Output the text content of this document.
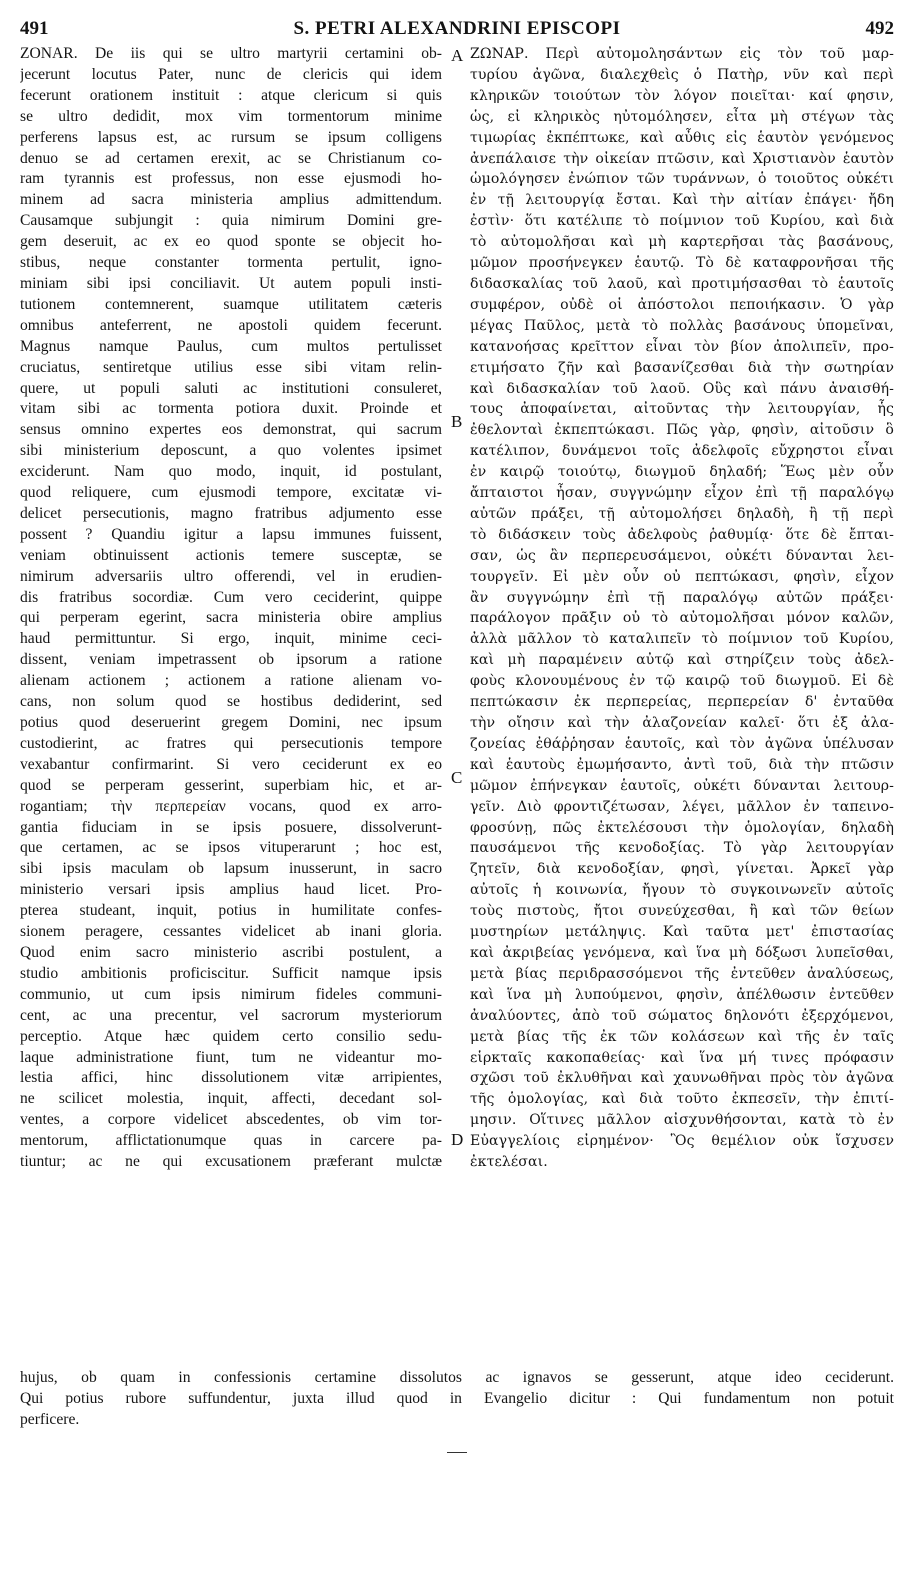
491	S. PETRI ALEXANDRINI EPISCOPI	492
ZONAR. De iis qui se ultro martyrii certamini ob-
jecerunt locutus Pater, nunc de clericis qui idem
fecerunt orationem instituit : atque clericum si quis
se ultro dedidit, mox vim tormentorum minime
perferens lapsus est, ac rursum se ipsum colligens
denuo se ad certamen erexit, ac se Christianum co-
ram tyrannis est professus, non esse ejusmodi ho-
minem ad sacra ministeria amplius admittendum.
Causamque subjungit : quia nimirum Domini gre-
gem deseruit, ac ex eo quod sponte se objecit ho-
stibus, neque constanter tormenta pertulit, igno-
miniam sibi ipsi conciliavit. Ut autem populi insti-
tutionem contemnerent, suamque utilitatem cæteris
omnibus anteferrent, ne apostoli quidem fecerunt.
Magnus namque Paulus, cum multos pertulisset
cruciatus, sentiretque utilius esse sibi vitam relin-
quere, ut populi saluti ac institutioni consuleret,
vitam sibi ac tormenta potiora duxit. Proinde et
sensus omnino expertes eos demonstrat, qui sacrum
sibi ministerium deposcunt, a quo volentes ipsimet
exciderunt. Nam quo modo, inquit, id postulant,
quod reliquere, cum ejusmodi tempore, excitatæ vi-
delicet persecutionis, magno fratribus adjumento esse
possent ? Quandiu igitur a lapsu immunes fuissent,
veniam obtinuissent actionis temere susceptæ, se
nimirum adversariis ultro offerendi, vel in erudien-
dis fratribus socordiæ. Cum vero ceciderint, quippe
qui perperam egerint, sacra ministeria obire amplius
haud permittuntur. Si ergo, inquit, minime ceci-
dissent, veniam impetrassent ob ipsorum a ratione
alienam actionem ; actionem a ratione alienam vo-
cans, non solum quod se hostibus dediderint, sed
potius quod deseruerint gregem Domini, nec ipsum
custodierint, ac fratres qui persecutionis tempore
vexabantur confirmarint. Si vero ceciderunt ex eo
quod se perperam gesserint, superbiam hic, et ar-
rogantiam; τὴν περπερείαν vocans, quod ex arro-
gantia fiduciam in se ipsis posuere, dissolverunt-
que certamen, ac se ipsos vituperarunt ; hoc est,
sibi ipsis maculam ob lapsum inusserunt, in sacro
ministerio versari ipsis amplius haud licet. Pro-
pterea studeant, inquit, potius in humilitate confes-
sionem peragere, cessantes videlicet ab inani gloria.
Quod enim sacro ministerio ascribi postulent, a
studio ambitionis proficiscitur. Sufficit namque ipsis
communio, ut cum ipsis nimirum fideles communi-
cent, ac una precentur, vel sacrorum mysteriorum
perceptio. Atque hæc quidem certo consilio sedu-
laque administratione fiunt, tum ne videantur mo-
lestia affici, hinc dissolutionem vitæ arripientes,
ne scilicet molestia, inquit, affecti, decedant sol-
ventes, a corpore videlicet abscedentes, ob vim tor-
mentorum, afflictationumque quas in carcere pa-
tiuntur; ac ne qui excusationem præferant mulctæ
ΖΩΝΑΡ. Περὶ αὐτομολησάντων εἰς τὸν τοῦ μαρ-
τυρίου ἀγῶνα, διαλεχθεὶς ὁ Πατὴρ, νῦν καὶ περὶ
κληρικῶν τοιούτων τὸν λόγον ποιεῖται· καί φησιν,
ὡς, εἰ κληρικὸς ηὐτομόλησεν, εἶτα μὴ στέγων τὰς
τιμωρίας ἐκπέπτωκε, καὶ αὖθις εἰς ἑαυτὸν γενόμενος
ἀνεπάλαισε τὴν οἰκείαν πτῶσιν, καὶ Χριστιανὸν ἑαυτὸν
ὡμολόγησεν ἐνώπιον τῶν τυράννων, ὁ τοιοῦτος οὐκέτι
ἐν τῇ λειτουργίᾳ ἔσται. Καὶ τὴν αἰτίαν ἐπάγει· ἤδη
ἐστὶν· ὅτι κατέλιπε τὸ ποίμνιον τοῦ Κυρίου, καὶ διὰ
τὸ αὐτομολῆσαι καὶ μὴ καρτερῆσαι τὰς βασάνους,
μῶμον προσήνεγκεν ἑαυτῷ. Τὸ δὲ καταφρονῆσαι τῆς
διδασκαλίας τοῦ λαοῦ, καὶ προτιμήσασθαι τὸ ἑαυτοῖς
συμφέρον, οὐδὲ οἱ ἀπόστολοι πεποιήκασιν. Ὁ γὰρ
μέγας Παῦλος, μετὰ τὸ πολλὰς βασάνους ὑπομεῖναι,
κατανοήσας κρεῖττον εἶναι τὸν βίον ἀπολιπεῖν, προ-
ετιμήσατο ζῆν καὶ βασανίζεσθαι διὰ τὴν σωτηρίαν
καὶ διδασκαλίαν τοῦ λαοῦ. Οὓς καὶ πάνυ ἀναισθή-
τους ἀποφαίνεται, αἰτοῦντας τὴν λειτουργίαν, ἧς
ἐθελονταὶ ἐκπεπτώκασι. Πῶς γὰρ, φησὶν, αἰτοῦσιν ὃ
κατέλιπον, δυνάμενοι τοῖς ἀδελφοῖς εὔχρηστοι εἶναι
ἐν καιρῷ τοιούτῳ, διωγμοῦ δηλαδή; Ἕως μὲν οὖν
ἄπταιστοι ἦσαν, συγγνώμην εἶχον ἐπὶ τῇ παραλόγῳ
αὐτῶν πράξει, τῇ αὐτομολήσει δηλαδὴ, ἢ τῇ περὶ
τὸ διδάσκειν τοὺς ἀδελφοὺς ῥαθυμίᾳ· ὅτε δὲ ἔπται-
σαν, ὡς ἂν περπερευσάμενοι, οὐκέτι δύνανται λει-
τουργεῖν. Εἰ μὲν οὖν οὐ πεπτώκασι, φησὶν, εἶχον
ἂν συγγνώμην ἐπὶ τῇ παραλόγῳ αὐτῶν πράξει·
παράλογον πρᾶξιν οὐ τὸ αὐτομολῆσαι μόνον καλῶν,
ἀλλὰ μᾶλλον τὸ καταλιπεῖν τὸ ποίμνιον τοῦ Κυρίου,
καὶ μὴ παραμένειν αὐτῷ καὶ στηρίζειν τοὺς ἀδελ-
φοὺς κλονουμένους ἐν τῷ καιρῷ τοῦ διωγμοῦ. Εἰ δὲ
πεπτώκασιν ἐκ περπερείας, περπερείαν δ' ἐνταῦθα
τὴν οἴησιν καὶ τὴν ἀλαζονείαν καλεῖ· ὅτι ἐξ ἀλα-
ζονείας ἐθάῤῥησαν ἑαυτοῖς, καὶ τὸν ἀγῶνα ὑπέλυσαν
καὶ ἑαυτοὺς ἐμωμήσαντο, ἀντὶ τοῦ, διὰ τὴν πτῶσιν
μῶμον ἐπήνεγκαν ἑαυτοῖς, οὐκέτι δύνανται λειτουρ-
γεῖν. Διὸ φροντιζέτωσαν, λέγει, μᾶλλον ἐν ταπεινο-
φροσύνῃ, πῶς ἐκτελέσουσι τὴν ὁμολογίαν, δηλαδὴ
παυσάμενοι τῆς κενοδοξίας. Τὸ γὰρ λειτουργίαν
ζητεῖν, διὰ κενοδοξίαν, φησὶ, γίνεται. Ἀρκεῖ γὰρ
αὐτοῖς ἡ κοινωνία, ἤγουν τὸ συγκοινωνεῖν αὐτοῖς
τοὺς πιστοὺς, ἤτοι συνεύχεσθαι, ἢ καὶ τῶν θείων
μυστηρίων μετάληψις. Καὶ ταῦτα μετ' ἐπιστασίας
καὶ ἀκριβείας γενόμενα, καὶ ἵνα μὴ δόξωσι λυπεῖσθαι,
μετὰ βίας περιδρασσόμενοι τῆς ἐντεῦθεν ἀναλύσεως,
καὶ ἵνα μὴ λυπούμενοι, φησὶν, ἀπέλθωσιν ἐντεῦθεν
ἀναλύοντες, ἀπὸ τοῦ σώματος δηλονότι ἐξερχόμενοι,
μετὰ βίας τῆς ἐκ τῶν κολάσεων καὶ τῆς ἐν ταῖς
εἱρκταῖς κακοπαθείας· καὶ ἵνα μή τινες πρόφασιν
σχῶσι τοῦ ἐκλυθῆναι καὶ χαυνωθῆναι πρὸς τὸν ἀγῶνα
τῆς ὁμολογίας, καὶ διὰ τοῦτο ἐκπεσεῖν, τὴν ἐπιτί-
μησιν. Οἵτινες μᾶλλον αἰσχυνθήσονται, κατὰ τὸ ἐν
Εὐαγγελίοις εἰρημένον· Ὃς θεμέλιον οὐκ ἴσχυσεν
ἐκτελέσαι.
A
B
C
D
hujus, ob quam in confessionis certamine dissolutos ac ignavos se gesserunt, atque ideo ceciderunt.
Qui potius rubore suffundentur, juxta illud quod in Evangelio dicitur : Qui fundamentum non potuit
perficere.
